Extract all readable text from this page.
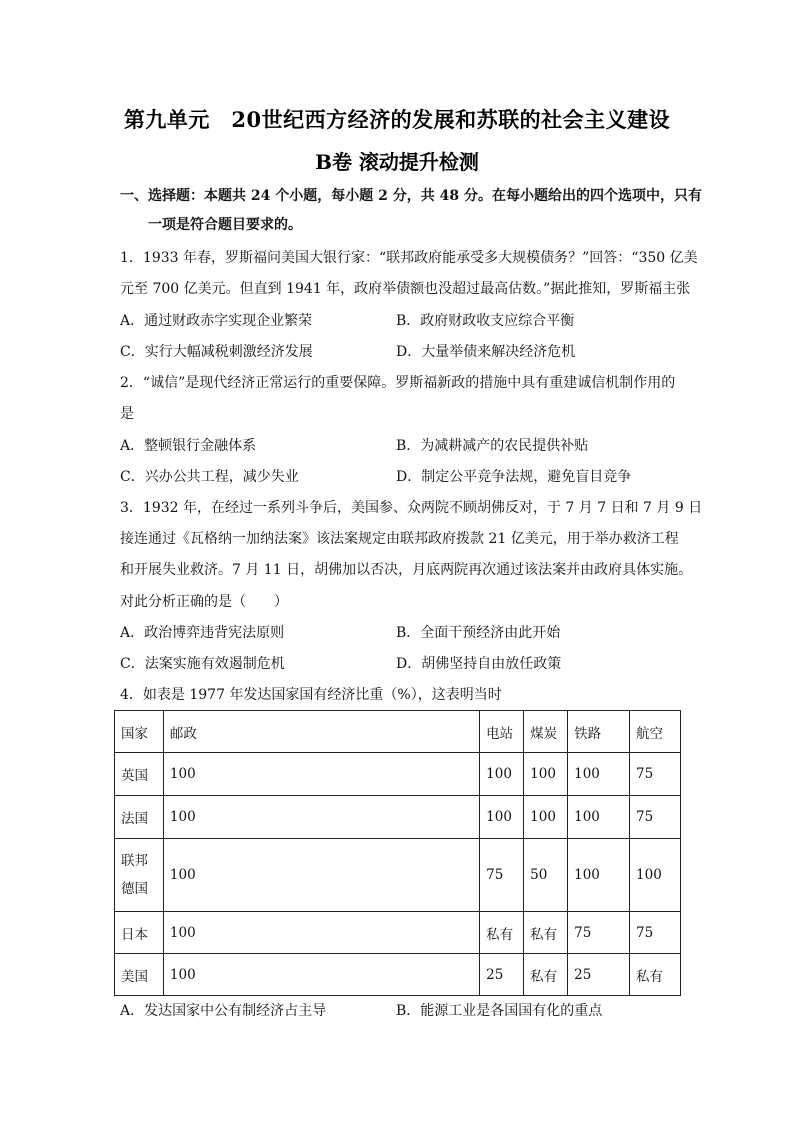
第九单元　20世纪西方经济的发展和苏联的社会主义建设
B卷 滚动提升检测
一、选择题：本题共 24 个小题，每小题 2 分，共 48 分。在每小题给出的四个选项中，只有
一项是符合题目要求的。
1．1933 年春，罗斯福问美国大银行家：“联邦政府能承受多大规模债务？”回答：“350 亿美
元至 700 亿美元。但直到 1941 年，政府举债额也没超过最高估数。”据此推知，罗斯福主张
A．通过财政赤字实现企业繁荣	B．政府财政收支应综合平衡
C．实行大幅减税刺激经济发展	D．大量举债来解决经济危机
2．“诚信”是现代经济正常运行的重要保障。罗斯福新政的措施中具有重建诚信机制作用的
是
A．整顿银行金融体系	B．为减耕减产的农民提供补贴
C．兴办公共工程，减少失业	D．制定公平竞争法规，避免盲目竞争
3．1932 年，在经过一系列斗争后，美国参、众两院不顾胡佛反对，于 7 月 7 日和 7 月 9 日
接连通过《瓦格纳一加纳法案》该法案规定由联邦政府拨款 21 亿美元，用于举办救济工程
和开展失业救济。7 月 11 日，胡佛加以否决，月底两院再次通过该法案并由政府具体实施。
对此分析正确的是（　　）
A．政治博弈违背宪法原则	B．全面干预经济由此开始
C．法案实施有效遏制危机	D．胡佛坚持自由放任政策
4．如表是 1977 年发达国家国有经济比重（%），这表明当时
国家	邮政	电站	煤炭	铁路	航空
英国	100	100	100	100	75
法国	100	100	100	100	75

联邦
德国	100	75	50	100	100
日本	100	私有	私有	75	75
美国	100	25	私有	25	私有
A．发达国家中公有制经济占主导	B．能源工业是各国国有化的重点
